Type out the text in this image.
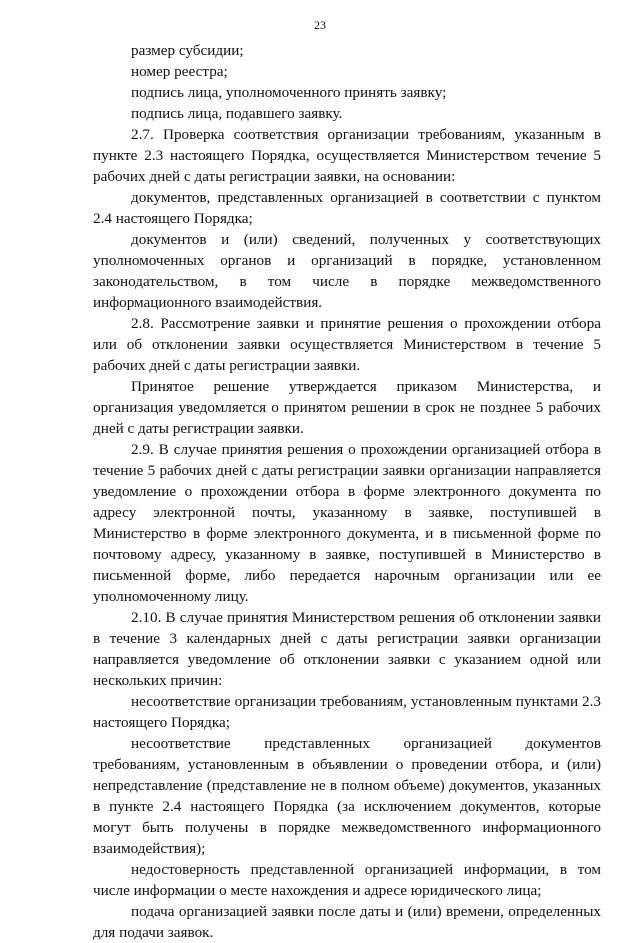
23

размер субсидии;

номер реестра;

подпись лица, уполномоченного принять заявку;

подпись лица, подавшего заявку.

2.7. Проверка соответствия организации требованиям, указанным в пункте 2.3 настоящего Порядка, осуществляется Министерством течение 5 рабочих дней с даты регистрации заявки, на основании:

документов, представленных организацией в соответствии с пунктом 2.4 настоящего Порядка;

документов и (или) сведений, полученных у соответствующих уполномоченных органов и организаций в порядке, установленном законодательством, в том числе в порядке межведомственного информационного взаимодействия.

2.8. Рассмотрение заявки и принятие решения о прохождении отбора или об отклонении заявки осуществляется Министерством в течение 5 рабочих дней с даты регистрации заявки.

Принятое решение утверждается приказом Министерства, и организация уведомляется о принятом решении в срок не позднее 5 рабочих дней с даты регистрации заявки.

2.9. В случае принятия решения о прохождении организацией отбора в течение 5 рабочих дней с даты регистрации заявки организации направляется уведомление о прохождении отбора в форме электронного документа по адресу электронной почты, указанному в заявке, поступившей в Министерство в форме электронного документа, и в письменной форме по почтовому адресу, указанному в заявке, поступившей в Министерство в письменной форме, либо передается нарочным организации или ее уполномоченному лицу.

2.10. В случае принятия Министерством решения об отклонении заявки в течение 3 календарных дней с даты регистрации заявки организации направляется уведомление об отклонении заявки с указанием одной или нескольких причин:

несоответствие организации требованиям, установленным пунктами 2.3 настоящего Порядка;

несоответствие представленных организацией документов требованиям, установленным в объявлении о проведении отбора, и (или) непредставление (представление не в полном объеме) документов, указанных в пункте 2.4 настоящего Порядка (за исключением документов, которые могут быть получены в порядке межведомственного информационного взаимодействия);

недостоверность представленной организацией информации, в том числе информации о месте нахождения и адресе юридического лица;

подача организацией заявки после даты и (или) времени, определенных для подачи заявок.
